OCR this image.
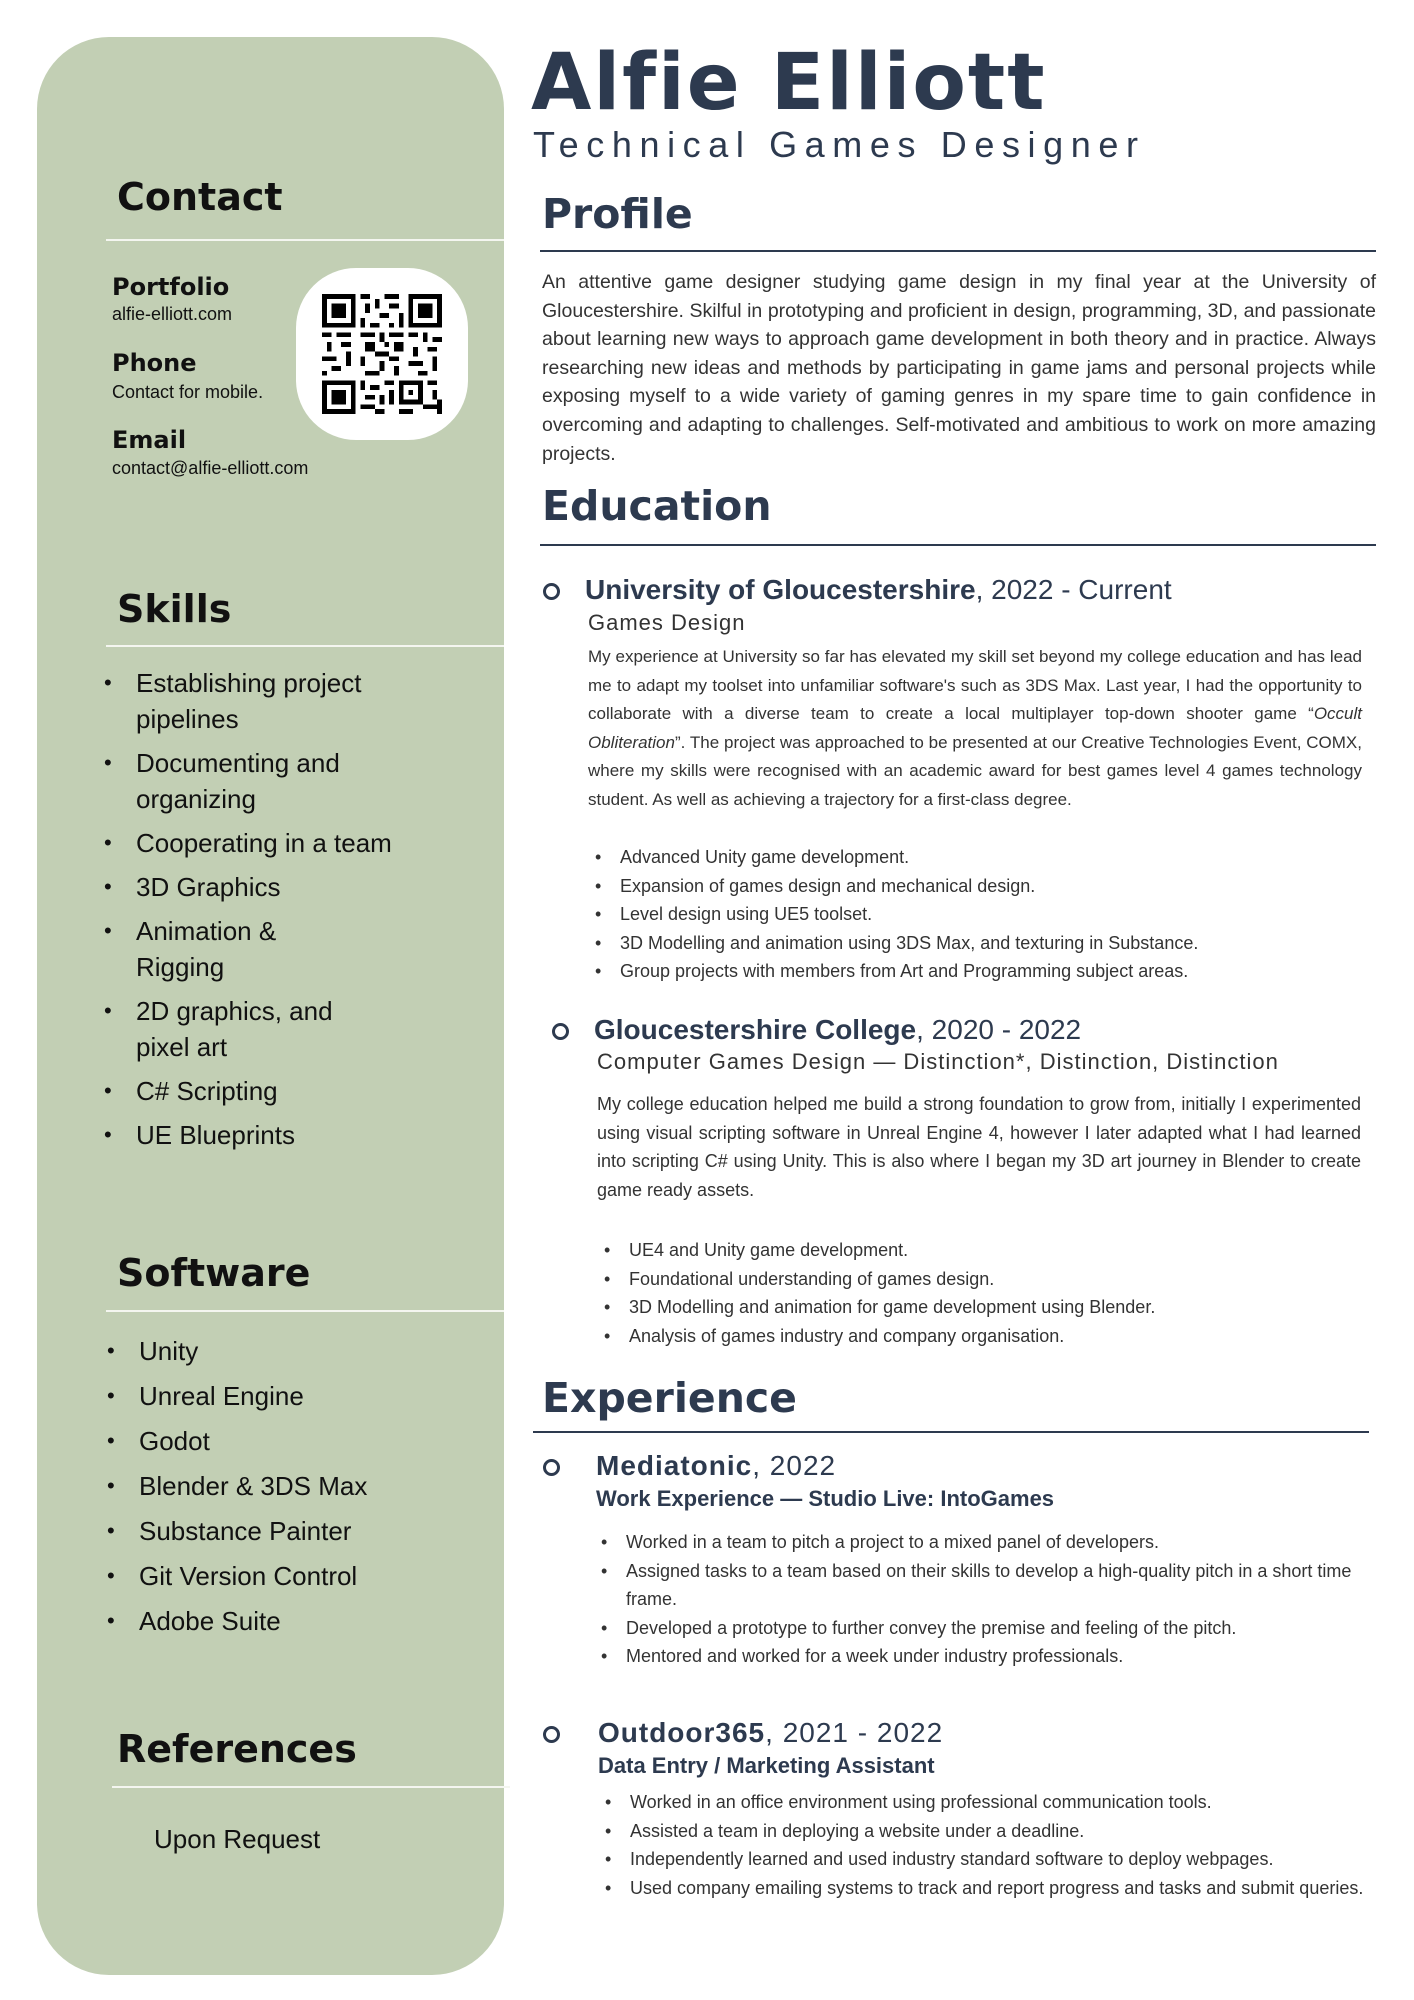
Contact
Portfolio
alfie-elliott.com
Phone
Contact for mobile.
Email
contact@alfie-elliott.com
Skills
• Establishing project pipelines
• Documenting and organizing
• Cooperating in a team
• 3D Graphics
• Animation & Rigging
• 2D graphics, and pixel art
• C# Scripting
• UE Blueprints
Software
• Unity
• Unreal Engine
• Godot
• Blender & 3DS Max
• Substance Painter
• Git Version Control
• Adobe Suite
References
Upon Request
Alfie Elliott
Technical Games Designer
Profile
An attentive game designer studying game design in my final year at the University of Gloucestershire. Skilful in prototyping and proficient in design, programming, 3D, and passionate about learning new ways to approach game development in both theory and in practice. Always researching new ideas and methods by participating in game jams and personal projects while exposing myself to a wide variety of gaming genres in my spare time to gain confidence in overcoming and adapting to challenges. Self-motivated and ambitious to work on more amazing projects.
Education
University of Gloucestershire, 2022 - Current
Games Design
My experience at University so far has elevated my skill set beyond my college education and has lead me to adapt my toolset into unfamiliar software's such as 3DS Max. Last year, I had the opportunity to collaborate with a diverse team to create a local multiplayer top-down shooter game “Occult Obliteration”. The project was approached to be presented at our Creative Technologies Event, COMX, where my skills were recognised with an academic award for best games level 4 games technology student. As well as achieving a trajectory for a first-class degree.
• Advanced Unity game development.
• Expansion of games design and mechanical design.
• Level design using UE5 toolset.
• 3D Modelling and animation using 3DS Max, and texturing in Substance.
• Group projects with members from Art and Programming subject areas.
Gloucestershire College, 2020 - 2022
Computer Games Design — Distinction*, Distinction, Distinction
My college education helped me build a strong foundation to grow from, initially I experimented using visual scripting software in Unreal Engine 4, however I later adapted what I had learned into scripting C# using Unity. This is also where I began my 3D art journey in Blender to create game ready assets.
• UE4 and Unity game development.
• Foundational understanding of games design.
• 3D Modelling and animation for game development using Blender.
• Analysis of games industry and company organisation.
Experience
Mediatonic, 2022
Work Experience — Studio Live: IntoGames
• Worked in a team to pitch a project to a mixed panel of developers.
• Assigned tasks to a team based on their skills to develop a high-quality pitch in a short time frame.
• Developed a prototype to further convey the premise and feeling of the pitch.
• Mentored and worked for a week under industry professionals.
Outdoor365, 2021 - 2022
Data Entry / Marketing Assistant
• Worked in an office environment using professional communication tools.
• Assisted a team in deploying a website under a deadline.
• Independently learned and used industry standard software to deploy webpages.
• Used company emailing systems to track and report progress and tasks and submit queries.
